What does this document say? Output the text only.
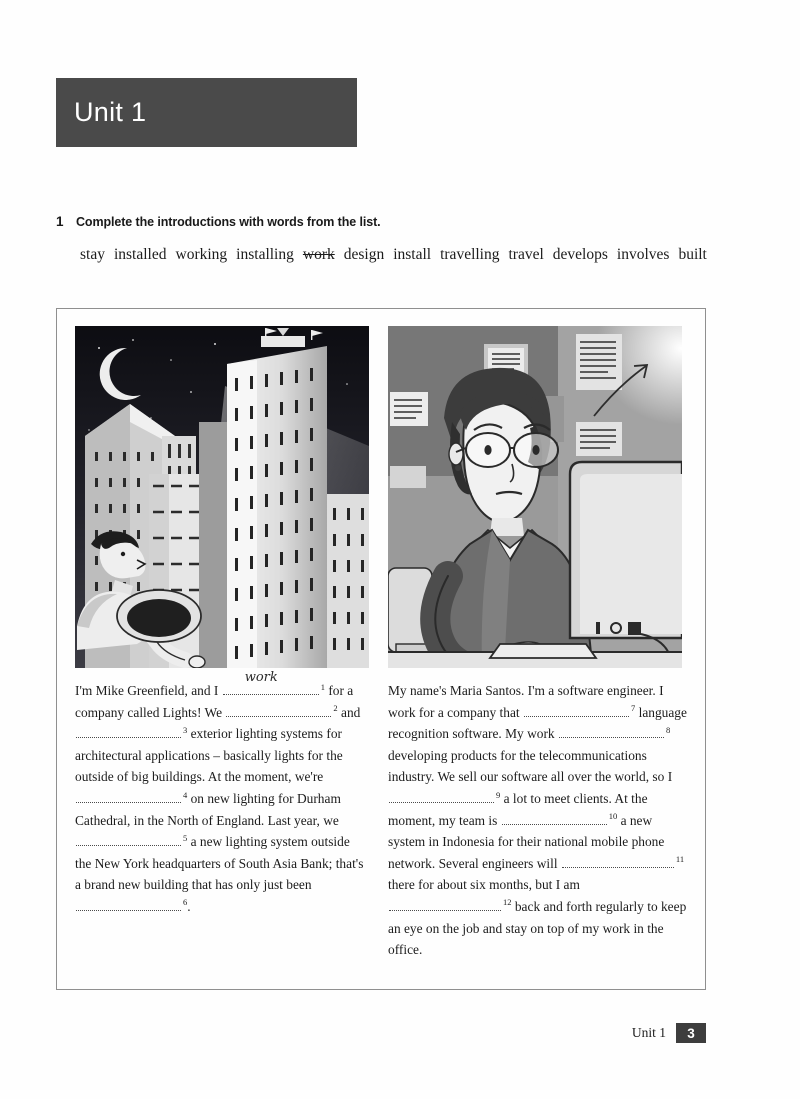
Unit 1
1 Complete the introductions with words from the list.
stay installed working installing work design install travelling travel develops involves built

I'm Mike Greenfield, and I
work
$^1$ for a company called Lights! We	$^2$ and $^3$ exterior lighting systems for architectural applications – basically lights for the outside of big buildings. At the moment, we're $^4$ on new lighting for Durham Cathedral, in the North of England. Last year, we $^5$ a new lighting system outside the New York headquarters of South Asia Bank; that's a brand new building that has only just been $^6$.

My name's Maria Santos. I'm a software engineer. I work for a company that	$^7$ language recognition software. My work	$^8$ developing products for the telecommunications industry. We sell our software all over the world, so I $^9$ a lot to meet clients. At the moment, my team is	$^{10}$ a new system in Indonesia for their national mobile phone network. Several engineers will	$^{11}$ there for about six months, but I am $^{12}$ back and forth regularly to keep an eye on the job and stay on top of my work in the office.

Unit 1	3
